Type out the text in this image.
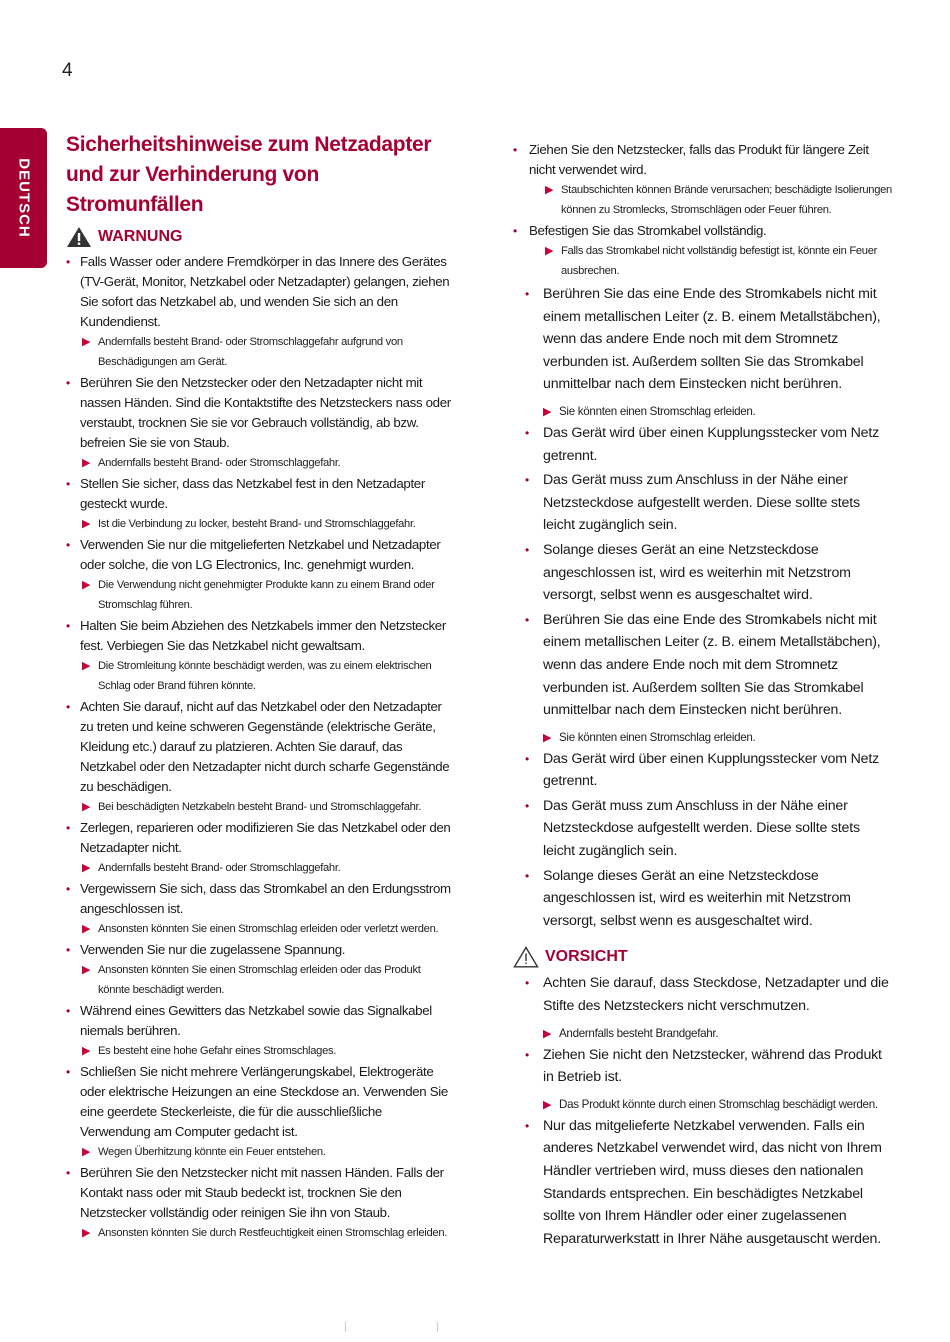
4
DEUTSCH
Sicherheitshinweise zum Netzadapter und zur Verhinderung von Stromunfällen
WARNUNG
• Falls Wasser oder andere Fremdkörper in das Innere des Gerätes (TV-Gerät, Monitor, Netzkabel oder Netzadapter) gelangen, ziehen Sie sofort das Netzkabel ab, und wenden Sie sich an den Kundendienst.
▶ Andernfalls besteht Brand- oder Stromschlaggefahr aufgrund von Beschädigungen am Gerät.
• Berühren Sie den Netzstecker oder den Netzadapter nicht mit nassen Händen. Sind die Kontaktstifte des Netzsteckers nass oder verstaubt, trocknen Sie sie vor Gebrauch vollständig, ab bzw. befreien Sie sie von Staub.
▶ Andernfalls besteht Brand- oder Stromschlaggefahr.
• Stellen Sie sicher, dass das Netzkabel fest in den Netzadapter gesteckt wurde.
▶ Ist die Verbindung zu locker, besteht Brand- und Stromschlaggefahr.
• Verwenden Sie nur die mitgelieferten Netzkabel und Netzadapter oder solche, die von LG Electronics, Inc. genehmigt wurden.
▶ Die Verwendung nicht genehmigter Produkte kann zu einem Brand oder Stromschlag führen.
• Halten Sie beim Abziehen des Netzkabels immer den Netzstecker fest. Verbiegen Sie das Netzkabel nicht gewaltsam.
▶ Die Stromleitung könnte beschädigt werden, was zu einem elektrischen Schlag oder Brand führen könnte.
• Achten Sie darauf, nicht auf das Netzkabel oder den Netzadapter zu treten und keine schweren Gegenstände (elektrische Geräte, Kleidung etc.) darauf zu platzieren. Achten Sie darauf, das Netzkabel oder den Netzadapter nicht durch scharfe Gegenstände zu beschädigen.
▶ Bei beschädigten Netzkabeln besteht Brand- und Stromschlaggefahr.
• Zerlegen, reparieren oder modifizieren Sie das Netzkabel oder den Netzadapter nicht.
▶ Andernfalls besteht Brand- oder Stromschlaggefahr.
• Vergewissern Sie sich, dass das Stromkabel an den Erdungsstrom angeschlossen ist.
▶ Ansonsten könnten Sie einen Stromschlag erleiden oder verletzt werden.
• Verwenden Sie nur die zugelassene Spannung.
▶ Ansonsten könnten Sie einen Stromschlag erleiden oder das Produkt könnte beschädigt werden.
• Während eines Gewitters das Netzkabel sowie das Signalkabel niemals berühren.
▶ Es besteht eine hohe Gefahr eines Stromschlages.
• Schließen Sie nicht mehrere Verlängerungskabel, Elektrogeräte oder elektrische Heizungen an eine Steckdose an. Verwenden Sie eine geerdete Steckerleiste, die für die ausschließliche Verwendung am Computer gedacht ist.
▶ Wegen Überhitzung könnte ein Feuer entstehen.
• Berühren Sie den Netzstecker nicht mit nassen Händen. Falls der Kontakt nass oder mit Staub bedeckt ist, trocknen Sie den Netzstecker vollständig oder reinigen Sie ihn von Staub.
▶ Ansonsten könnten Sie durch Restfeuchtigkeit einen Stromschlag erleiden.
• Ziehen Sie den Netzstecker, falls das Produkt für längere Zeit nicht verwendet wird.
▶ Staubschichten können Brände verursachen; beschädigte Isolierungen können zu Stromlecks, Stromschlägen oder Feuer führen.
• Befestigen Sie das Stromkabel vollständig.
▶ Falls das Stromkabel nicht vollständig befestigt ist, könnte ein Feuer ausbrechen.
• Berühren Sie das eine Ende des Stromkabels nicht mit einem metallischen Leiter (z. B. einem Metallstäbchen), wenn das andere Ende noch mit dem Stromnetz verbunden ist. Außerdem sollten Sie das Stromkabel unmittelbar nach dem Einstecken nicht berühren.
▶ Sie könnten einen Stromschlag erleiden.
• Das Gerät wird über einen Kupplungsstecker vom Netz getrennt.
• Das Gerät muss zum Anschluss in der Nähe einer Netzsteckdose aufgestellt werden. Diese sollte stets leicht zugänglich sein.
• Solange dieses Gerät an eine Netzsteckdose angeschlossen ist, wird es weiterhin mit Netzstrom versorgt, selbst wenn es ausgeschaltet wird.
• Berühren Sie das eine Ende des Stromkabels nicht mit einem metallischen Leiter (z. B. einem Metallstäbchen), wenn das andere Ende noch mit dem Stromnetz verbunden ist. Außerdem sollten Sie das Stromkabel unmittelbar nach dem Einstecken nicht berühren.
▶ Sie könnten einen Stromschlag erleiden.
• Das Gerät wird über einen Kupplungsstecker vom Netz getrennt.
• Das Gerät muss zum Anschluss in der Nähe einer Netzsteckdose aufgestellt werden. Diese sollte stets leicht zugänglich sein.
• Solange dieses Gerät an eine Netzsteckdose angeschlossen ist, wird es weiterhin mit Netzstrom versorgt, selbst wenn es ausgeschaltet wird.
VORSICHT
• Achten Sie darauf, dass Steckdose, Netzadapter und die Stifte des Netzsteckers nicht verschmutzen.
▶ Andernfalls besteht Brandgefahr.
• Ziehen Sie nicht den Netzstecker, während das Produkt in Betrieb ist.
▶ Das Produkt könnte durch einen Stromschlag beschädigt werden.
• Nur das mitgelieferte Netzkabel verwenden. Falls ein anderes Netzkabel verwendet wird, das nicht von Ihrem Händler vertrieben wird, muss dieses den nationalen Standards entsprechen. Ein beschädigtes Netzkabel sollte von Ihrem Händler oder einer zugelassenen Reparaturwerkstatt in Ihrer Nähe ausgetauscht werden.
